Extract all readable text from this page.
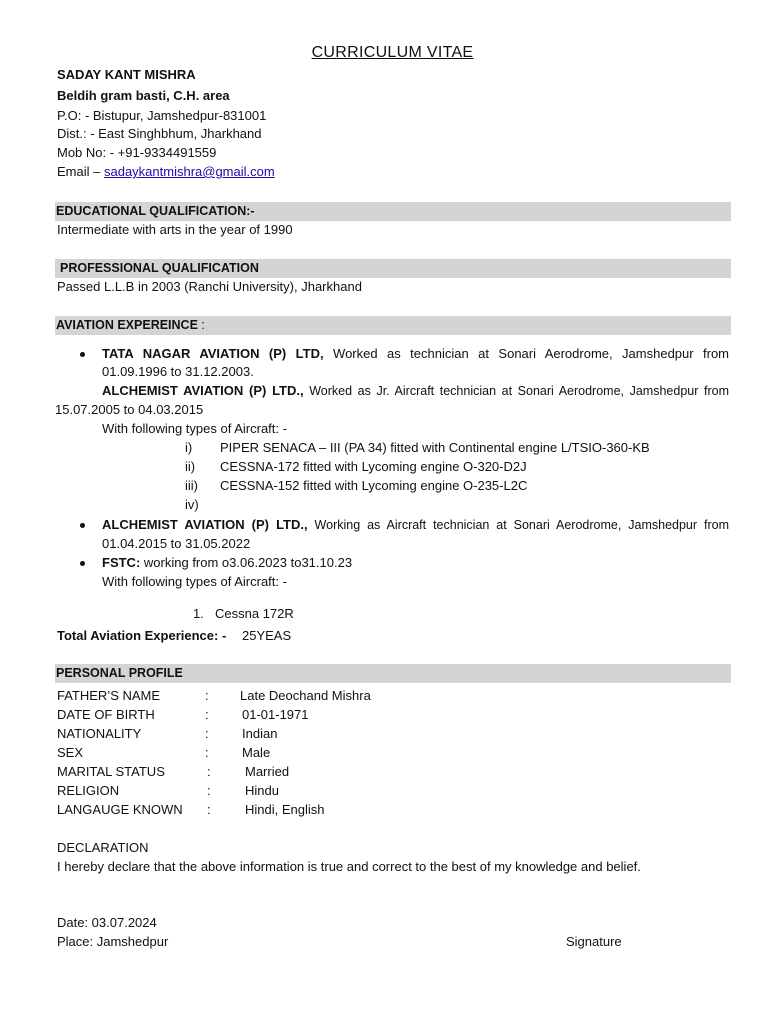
CURRICULUM VITAE
SADAY KANT MISHRA
Beldih gram basti, C.H. area
P.O: - Bistupur, Jamshedpur-831001
Dist.: - East Singhbhum, Jharkhand
Mob No: - +91-9334491559
Email – sadaykantmishra@gmail.com
EDUCATIONAL QUALIFICATION:-
Intermediate with arts in the year of 1990
PROFESSIONAL QUALIFICATION
Passed L.L.B in 2003 (Ranchi University), Jharkhand
AVIATION EXPEREINCE :
TATA NAGAR AVIATION (P) LTD, Worked as technician at Sonari Aerodrome, Jamshedpur from
01.09.1996 to 31.12.2003.
ALCHEMIST AVIATION (P) LTD., Worked as Jr. Aircraft technician at Sonari Aerodrome, Jamshedpur from
15.07.2005 to 04.03.2015
With following types of Aircraft: -
i) PIPER SENACA – III (PA 34) fitted with Continental engine L/TSIO-360-KB
ii) CESSNA-172 fitted with Lycoming engine O-320-D2J
iii) CESSNA-152 fitted with Lycoming engine O-235-L2C
iv)
ALCHEMIST AVIATION (P) LTD., Working as Aircraft technician at Sonari Aerodrome, Jamshedpur from
01.04.2015 to 31.05.2022
FSTC: working from o3.06.2023 to31.10.23
With following types of Aircraft: -
1. Cessna 172R
Total Aviation Experience: - 25YEAS
PERSONAL PROFILE
FATHER’S NAME	: Late Deochand Mishra
DATE OF BIRTH	:	01-01-1971
NATIONALITY	:	Indian
SEX	:	Male
MARITAL STATUS	:	Married
RELIGION	:	Hindu
LANGAUGE KNOWN :	Hindi, English
DECLARATION
I hereby declare that the above information is true and correct to the best of my knowledge and belief.
Date: 03.07.2024
Place: Jamshedpur	Signature
